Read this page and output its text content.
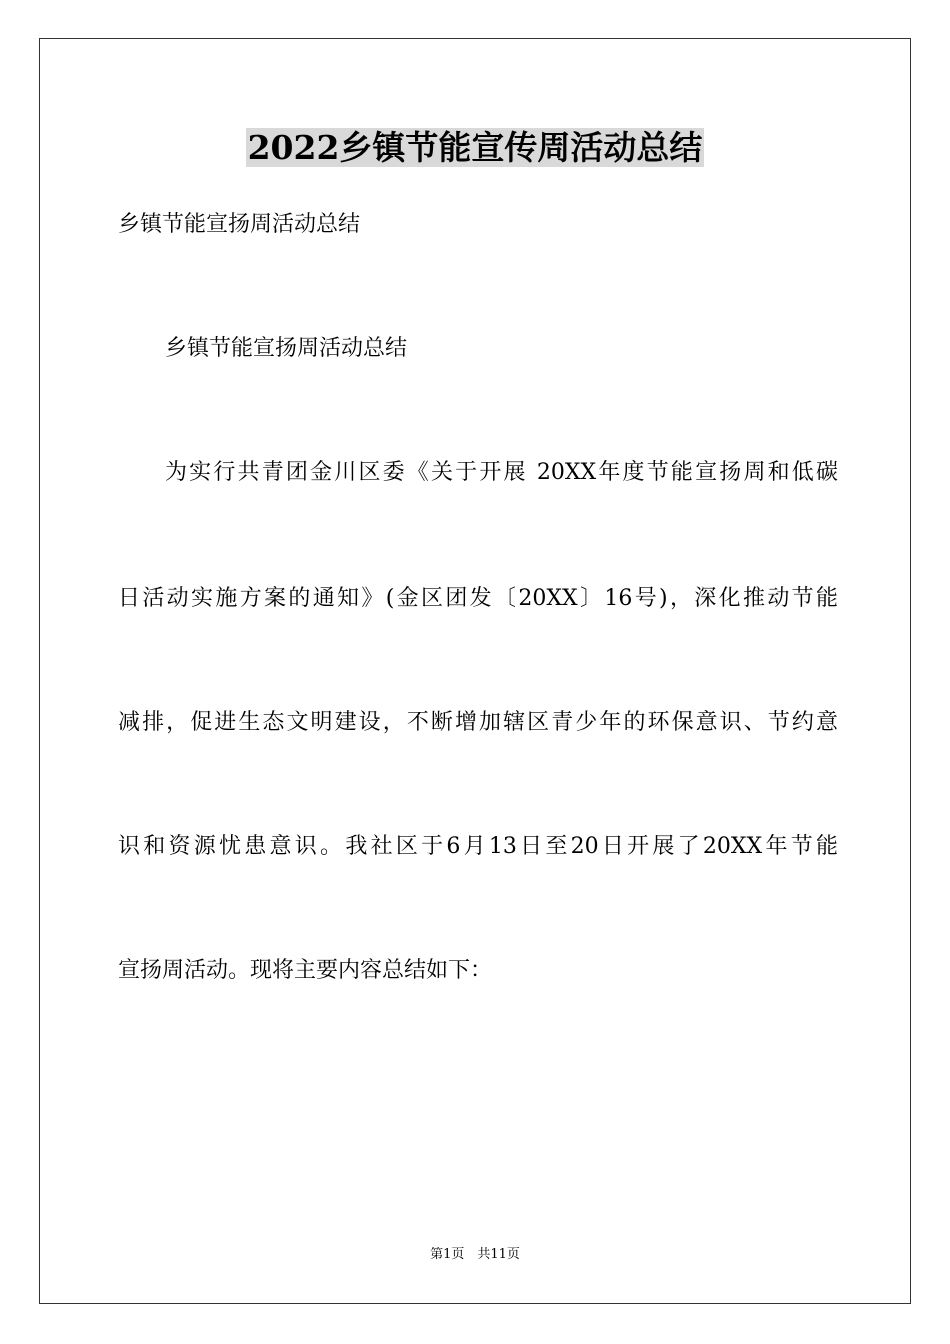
2022乡镇节能宣传周活动总结

乡镇节能宣扬周活动总结

乡镇节能宣扬周活动总结

为实行共青团金川区委《关于开展 20XX年度节能宣扬周和低碳

日活动实施方案的通知》(金区团发〔20XX〕16号)，深化推动节能

减排，促进生态文明建设，不断增加辖区青少年的环保意识、节约意

识和资源忧患意识。我社区于6月13日至20日开展了20XX年节能

宣扬周活动。现将主要内容总结如下：

第1页　共11页
